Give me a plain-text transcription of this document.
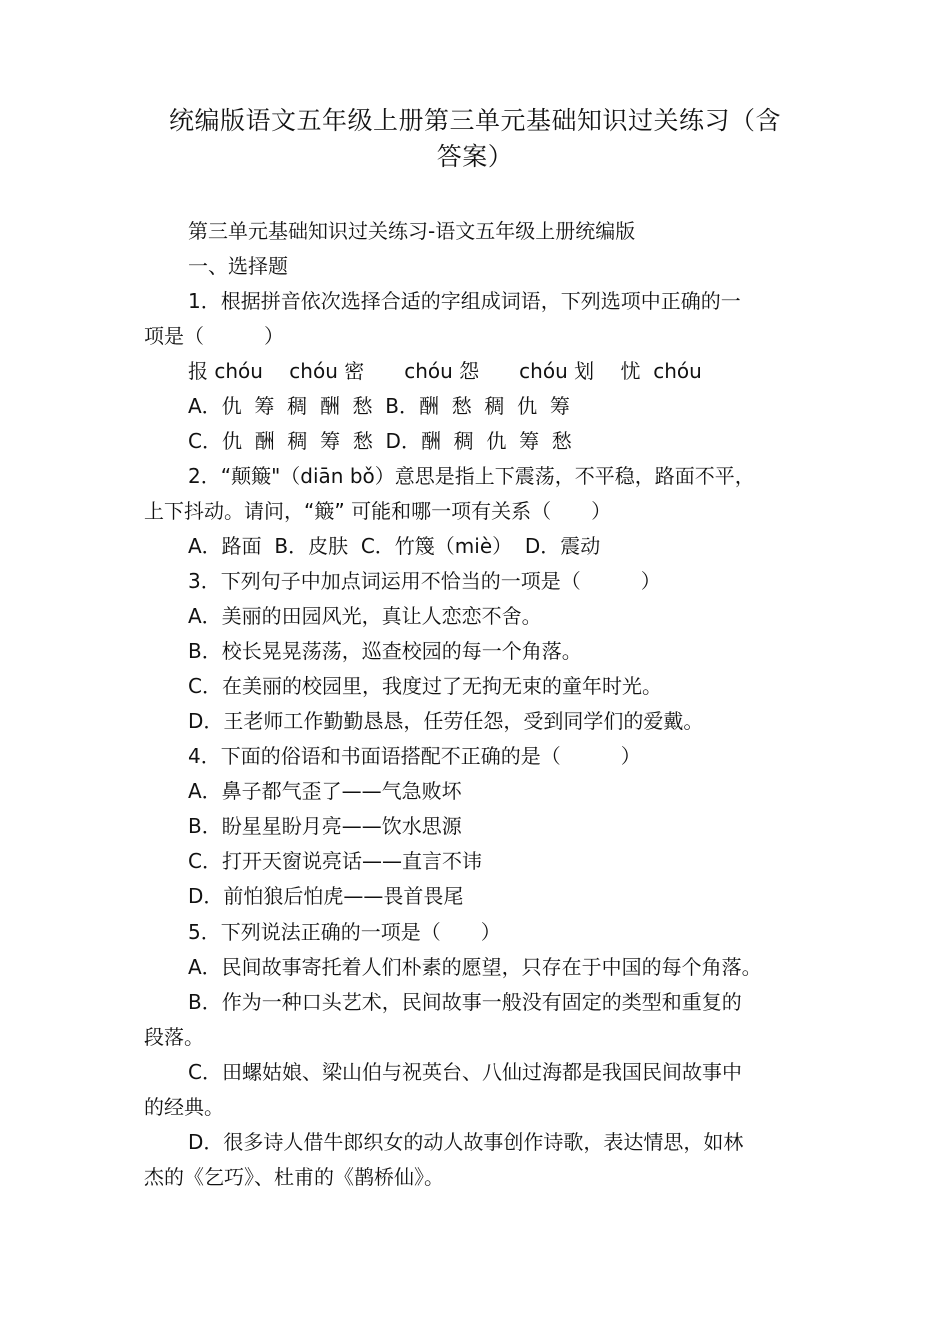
统编版语文五年级上册第三单元基础知识过关练习（含
答案）
第三单元基础知识过关练习-语文五年级上册统编版
一、选择题
1．根据拼音依次选择合适的字组成词语，下列选项中正确的一
项是（　　　）
报 chóu　 chóu 密　　chóu 怨　　chóu 划　 忧  chóu
A．仇  筹  稠  酬  愁  B．酬  愁  稠  仇  筹
C．仇  酬  稠  筹  愁  D．酬  稠  仇  筹  愁
2．“颠簸"（diān bǒ）意思是指上下震荡，不平稳，路面不平，
上下抖动。请问，“簸” 可能和哪一项有关系（　　）
A．路面  B．皮肤  C．竹篾（miè）  D．震动
3．下列句子中加点词运用不恰当的一项是（　　　）
A．美丽的田园风光，真让人恋恋不舍。
B．校长晃晃荡荡，巡查校园的每一个角落。
C．在美丽的校园里，我度过了无拘无束的童年时光。
D．王老师工作勤勤恳恳，任劳任怨，受到同学们的爱戴。
4．下面的俗语和书面语搭配不正确的是（　　　）
A．鼻子都气歪了——气急败坏
B．盼星星盼月亮——饮水思源
C．打开天窗说亮话——直言不讳
D．前怕狼后怕虎——畏首畏尾
5．下列说法正确的一项是（　　）
A．民间故事寄托着人们朴素的愿望，只存在于中国的每个角落。
B．作为一种口头艺术，民间故事一般没有固定的类型和重复的
段落。
C．田螺姑娘、梁山伯与祝英台、八仙过海都是我国民间故事中
的经典。
D．很多诗人借牛郎织女的动人故事创作诗歌，表达情思，如林
杰的《乞巧》、杜甫的《鹊桥仙》。
